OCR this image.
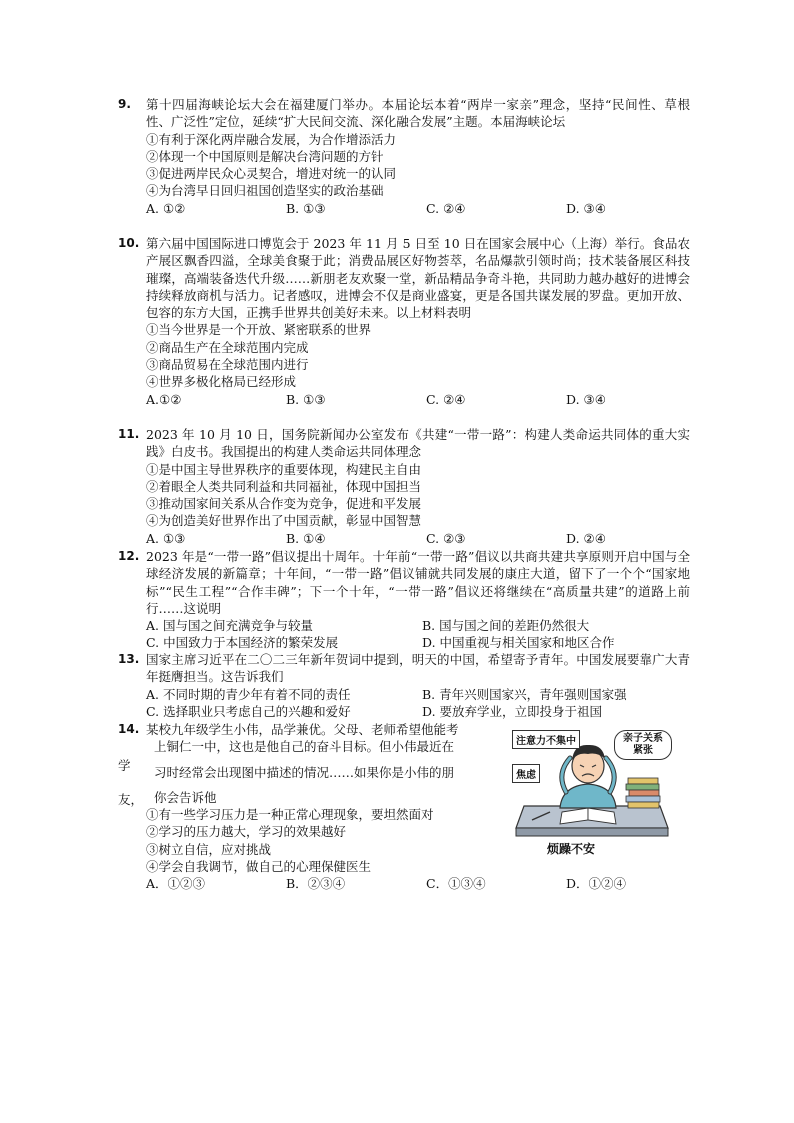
9. 第十四届海峡论坛大会在福建厦门举办。本届论坛本着“两岸一家亲”理念，坚持“民间性、草根性、广泛性”定位，延续“扩大民间交流、深化融合发展”主题。本届海峡论坛
①有利于深化两岸融合发展，为合作增添活力
②体现一个中国原则是解决台湾问题的方针
③促进两岸民众心灵契合，增进对统一的认同
④为台湾早日回归祖国创造坚实的政治基础
A. ①②	B. ①③	C. ②④	D. ③④
10. 第六届中国国际进口博览会于 2023 年 11 月 5 日至 10 日在国家会展中心（上海）举行。食品农产展区飘香四溢，全球美食聚于此；消费品展区好物荟萃，名品爆款引领时尚；技术装备展区科技璀璨，高端装备迭代升级……新朋老友欢聚一堂，新品精品争奇斗艳，共同助力越办越好的进博会持续释放商机与活力。记者感叹，进博会不仅是商业盛宴，更是各国共谋发展的罗盘。更加开放、包容的东方大国，正携手世界共创美好未来。以上材料表明
①当今世界是一个开放、紧密联系的世界
②商品生产在全球范围内完成
③商品贸易在全球范围内进行
④世界多极化格局已经形成
A.①②	B. ①③	C. ②④	D. ③④
11. 2023 年 10 月 10 日，国务院新闻办公室发布《共建“一带一路”：构建人类命运共同体的重大实践》白皮书。我国提出的构建人类命运共同体理念
①是中国主导世界秩序的重要体现，构建民主自由
②着眼全人类共同利益和共同福祉，体现中国担当
③推动国家间关系从合作变为竞争，促进和平发展
④为创造美好世界作出了中国贡献，彰显中国智慧
A. ①③	B. ①④	C. ②③	D. ②④
12. 2023 年是“一带一路”倡议提出十周年。十年前“一带一路”倡议以共商共建共享原则开启中国与全球经济发展的新篇章；十年间，“一带一路”倡议铺就共同发展的康庄大道，留下了一个个“国家地标”“民生工程”“合作丰碑”；下一个十年，“一带一路”倡议还将继续在“高质量共建”的道路上前行……这说明
A. 国与国之间充满竞争与较量	B. 国与国之间的差距仍然很大
C. 中国致力于本国经济的繁荣发展	D. 中国重视与相关国家和地区合作
13. 国家主席习近平在二〇二三年新年贺词中提到，明天的中国，希望寄予青年。中国发展要靠广大青年挺膺担当。这告诉我们
A. 不同时期的青少年有着不同的责任	B. 青年兴则国家兴，青年强则国家强
C. 选择职业只考虑自己的兴趣和爱好	D. 要放弃学业，立即投身于祖国
14. 某校九年级学生小伟，品学兼优。父母、老师希望他能考
上铜仁一中，这也是他自己的奋斗目标。但小伟最近在
习时经常会出现图中描述的情况……如果你是小伟的朋
你会告诉他
①有一些学习压力是一种正常心理现象，要坦然面对
②学习的压力越大，学习的效果越好
③树立自信，应对挑战
④学会自我调节，做自己的心理保健医生
A．①②③	B．②③④	C．①③④	D．①②④
学
友，
注意力不集中	亲子关系紧张
焦虑
烦躁不安
